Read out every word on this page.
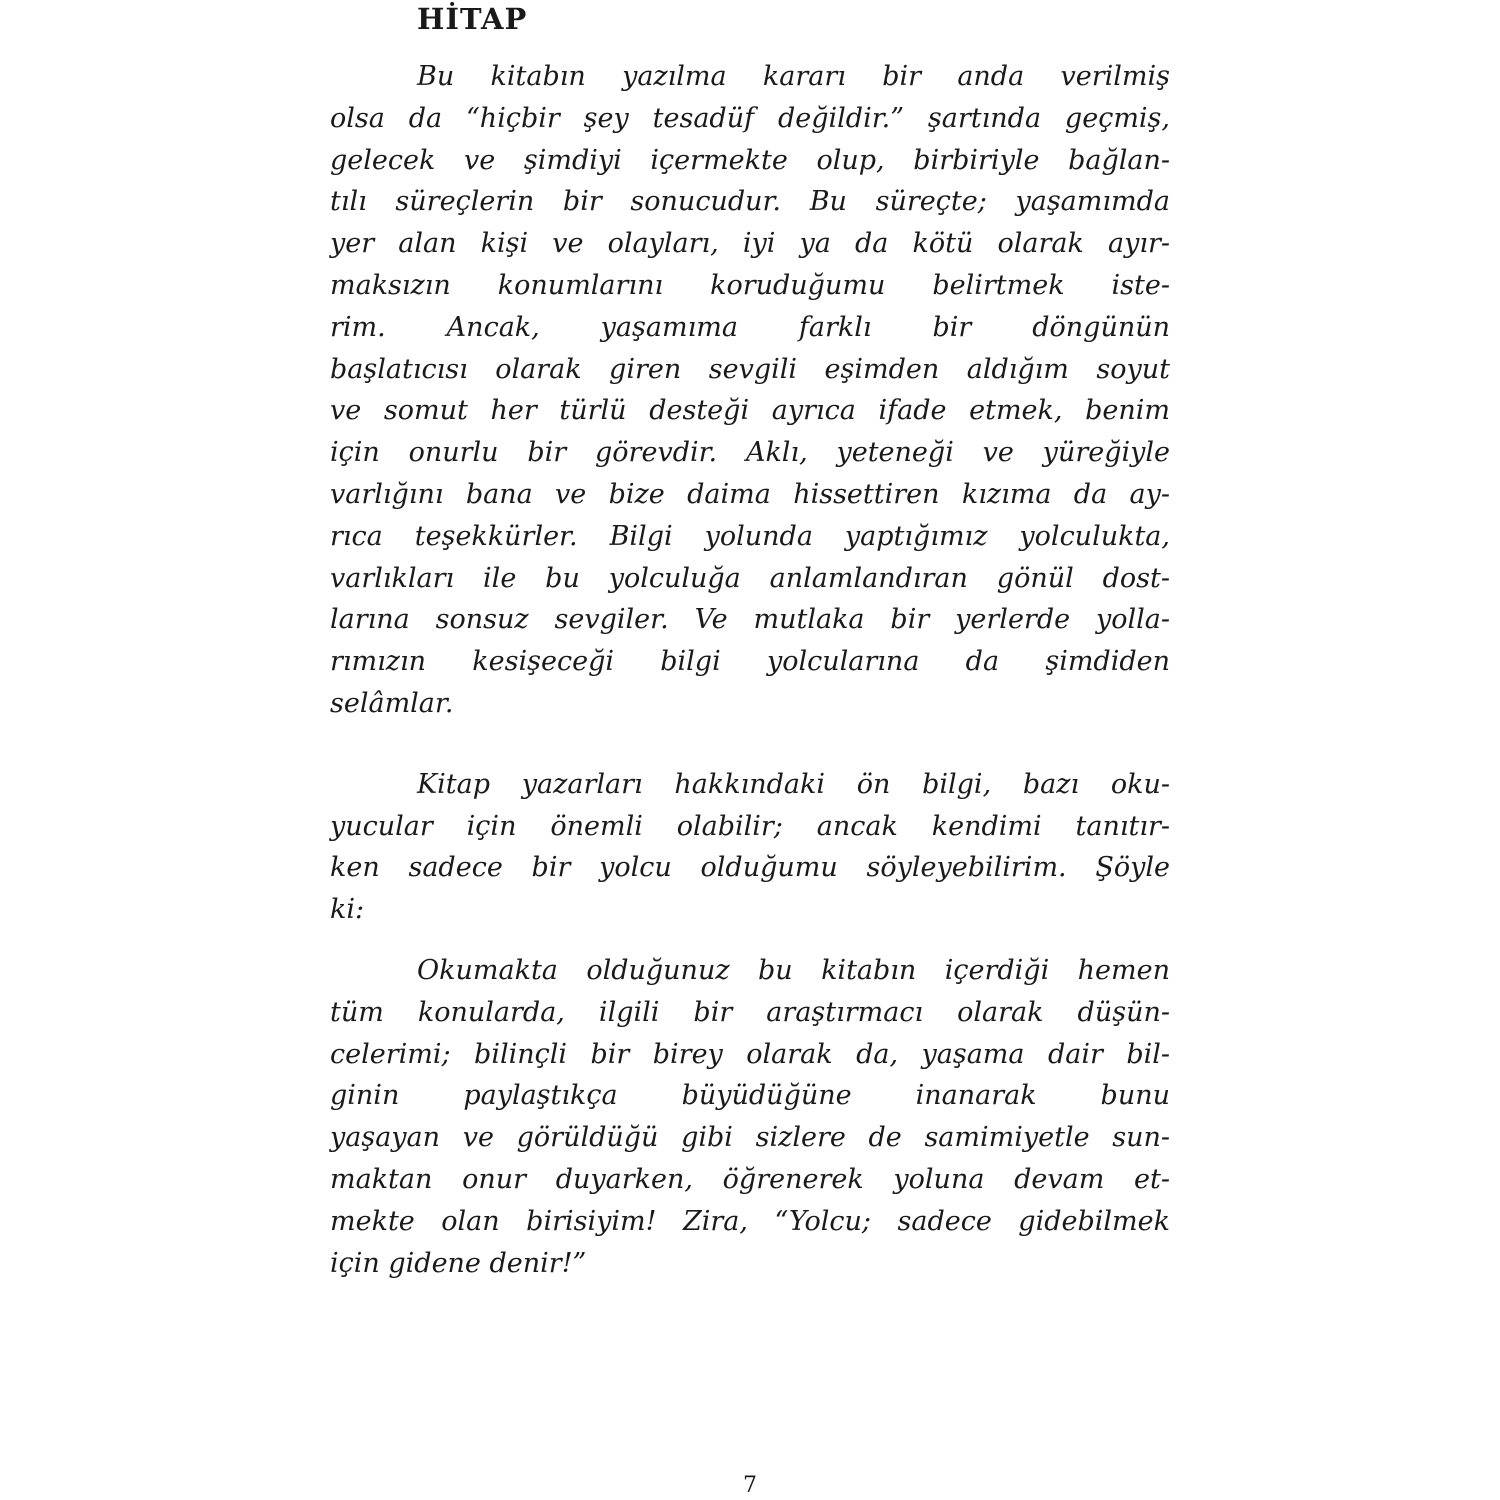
HİTAP
Bu kitabın yazılma kararı bir anda verilmiş
olsa da “hiçbir şey tesadüf değildir.” şartında geçmiş,
gelecek ve şimdiyi içermekte olup, birbiriyle bağlan-
tılı süreçlerin bir sonucudur. Bu süreçte; yaşamımda
yer alan kişi ve olayları, iyi ya da kötü olarak ayır-
maksızın konumlarını koruduğumu belirtmek iste-
rim. Ancak, yaşamıma farklı bir döngünün
başlatıcısı olarak giren sevgili eşimden aldığım soyut
ve somut her türlü desteği ayrıca ifade etmek, benim
için onurlu bir görevdir. Aklı, yeteneği ve yüreğiyle
varlığını bana ve bize daima hissettiren kızıma da ay-
rıca teşekkürler. Bilgi yolunda yaptığımız yolculukta,
varlıkları ile bu yolculuğa anlamlandıran gönül dost-
larına sonsuz sevgiler. Ve mutlaka bir yerlerde yolla-
rımızın kesişeceği bilgi yolcularına da şimdiden
selâmlar.
Kitap yazarları hakkındaki ön bilgi, bazı oku-
yucular için önemli olabilir; ancak kendimi tanıtır-
ken sadece bir yolcu olduğumu söyleyebilirim. Şöyle
ki:
Okumakta olduğunuz bu kitabın içerdiği hemen
tüm konularda, ilgili bir araştırmacı olarak düşün-
celerimi; bilinçli bir birey olarak da, yaşama dair bil-
ginin paylaştıkça büyüdüğüne inanarak bunu
yaşayan ve görüldüğü gibi sizlere de samimiyetle sun-
maktan onur duyarken, öğrenerek yoluna devam et-
mekte olan birisiyim! Zira, “Yolcu; sadece gidebilmek
için gidene denir!”
7
